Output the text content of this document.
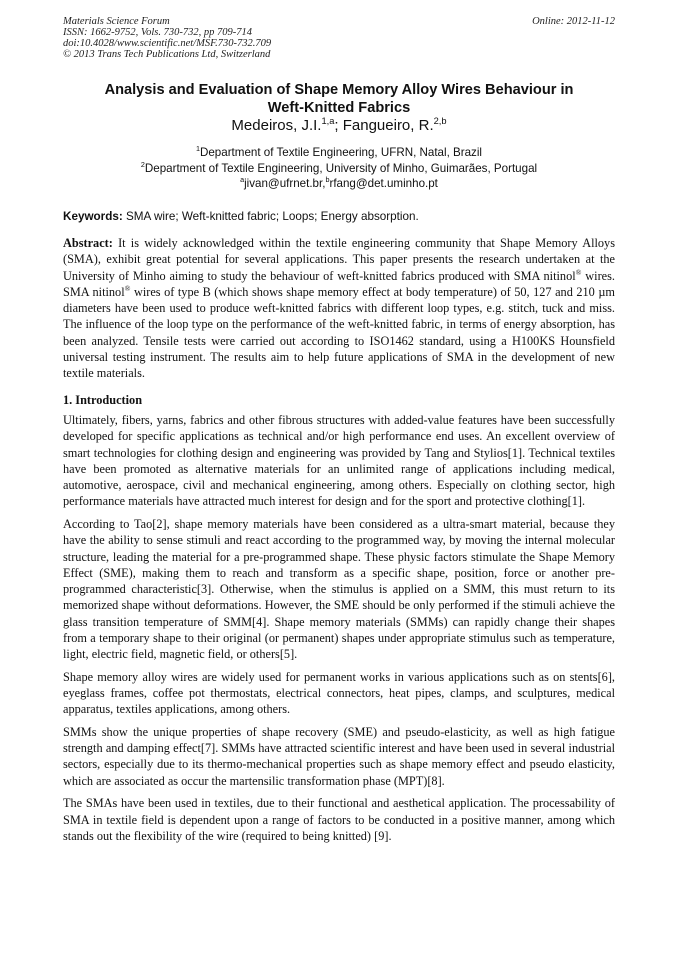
Materials Science Forum
ISSN: 1662-9752, Vols. 730-732, pp 709-714
doi:10.4028/www.scientific.net/MSF.730-732.709
© 2013 Trans Tech Publications Ltd, Switzerland
Online: 2012-11-12
Analysis and Evaluation of Shape Memory Alloy Wires Behaviour in
Weft-Knitted Fabrics
Medeiros, J.I.$^{1,a}$; Fangueiro, R.$^{2,b}$
$^1$Department of Textile Engineering, UFRN, Natal, Brazil
$^2$Department of Textile Engineering, University of Minho, Guimarães, Portugal
$^a$jivan@ufrnet.br,$^b$rfang@det.uminho.pt
Keywords: SMA wire; Weft-knitted fabric; Loops; Energy absorption.

Abstract: It is widely acknowledged within the textile engineering community that Shape Memory Alloys (SMA), exhibit great potential for several applications. This paper presents the research undertaken at the University of Minho aiming to study the behaviour of weft-knitted fabrics produced with SMA nitinol® wires. SMA nitinol® wires of type B (which shows shape memory effect at body temperature) of 50, 127 and 210 µm diameters have been used to produce weft-knitted fabrics with different loop types, e.g. stitch, tuck and miss. The influence of the loop type on the performance of the weft-knitted fabric, in terms of energy absorption, has been analyzed. Tensile tests were carried out according to ISO1462 standard, using a H100KS Hounsfield universal testing instrument. The results aim to help future applications of SMA in the development of new textile materials.

1. Introduction

Ultimately, fibers, yarns, fabrics and other fibrous structures with added-value features have been successfully developed for specific applications as technical and/or high performance end uses. An excellent overview of smart technologies for clothing design and engineering was provided by Tang and Stylios[1]. Technical textiles have been promoted as alternative materials for an unlimited range of applications including medical, automotive, aerospace, civil and mechanical engineering, among others. Especially on clothing sector, high performance materials have attracted much interest for design and for the sport and protective clothing[1].

According to Tao[2], shape memory materials have been considered as a ultra-smart material, because they have the ability to sense stimuli and react according to the programmed way, by moving the internal molecular structure, leading the material for a pre-programmed shape. These physic factors stimulate the Shape Memory Effect (SME), making them to reach and transform as a specific shape, position, force or another pre-programmed characteristic[3]. Otherwise, when the stimulus is applied on a SMM, this must return to its memorized shape without deformations. However, the SME should be only performed if the stimuli achieve the glass transition temperature of SMM[4]. Shape memory materials (SMMs) can rapidly change their shapes from a temporary shape to their original (or permanent) shapes under appropriate stimulus such as temperature, light, electric field, magnetic field, or others[5].

Shape memory alloy wires are widely used for permanent works in various applications such as on stents[6], eyeglass frames, coffee pot thermostats, electrical connectors, heat pipes, clamps, and sculptures, medical apparatus, textiles applications, among others.

SMMs show the unique properties of shape recovery (SME) and pseudo-elasticity, as well as high fatigue strength and damping effect[7]. SMMs have attracted scientific interest and have been used in several industrial sectors, especially due to its thermo-mechanical properties such as shape memory effect and pseudo elasticity, which are associated as occur the martensilic transformation phase (MPT)[8].

The SMAs have been used in textiles, due to their functional and aesthetical application. The processability of SMA in textile field is dependent upon a range of factors to be conducted in a positive manner, among which stands out the flexibility of the wire (required to being knitted) [9].
